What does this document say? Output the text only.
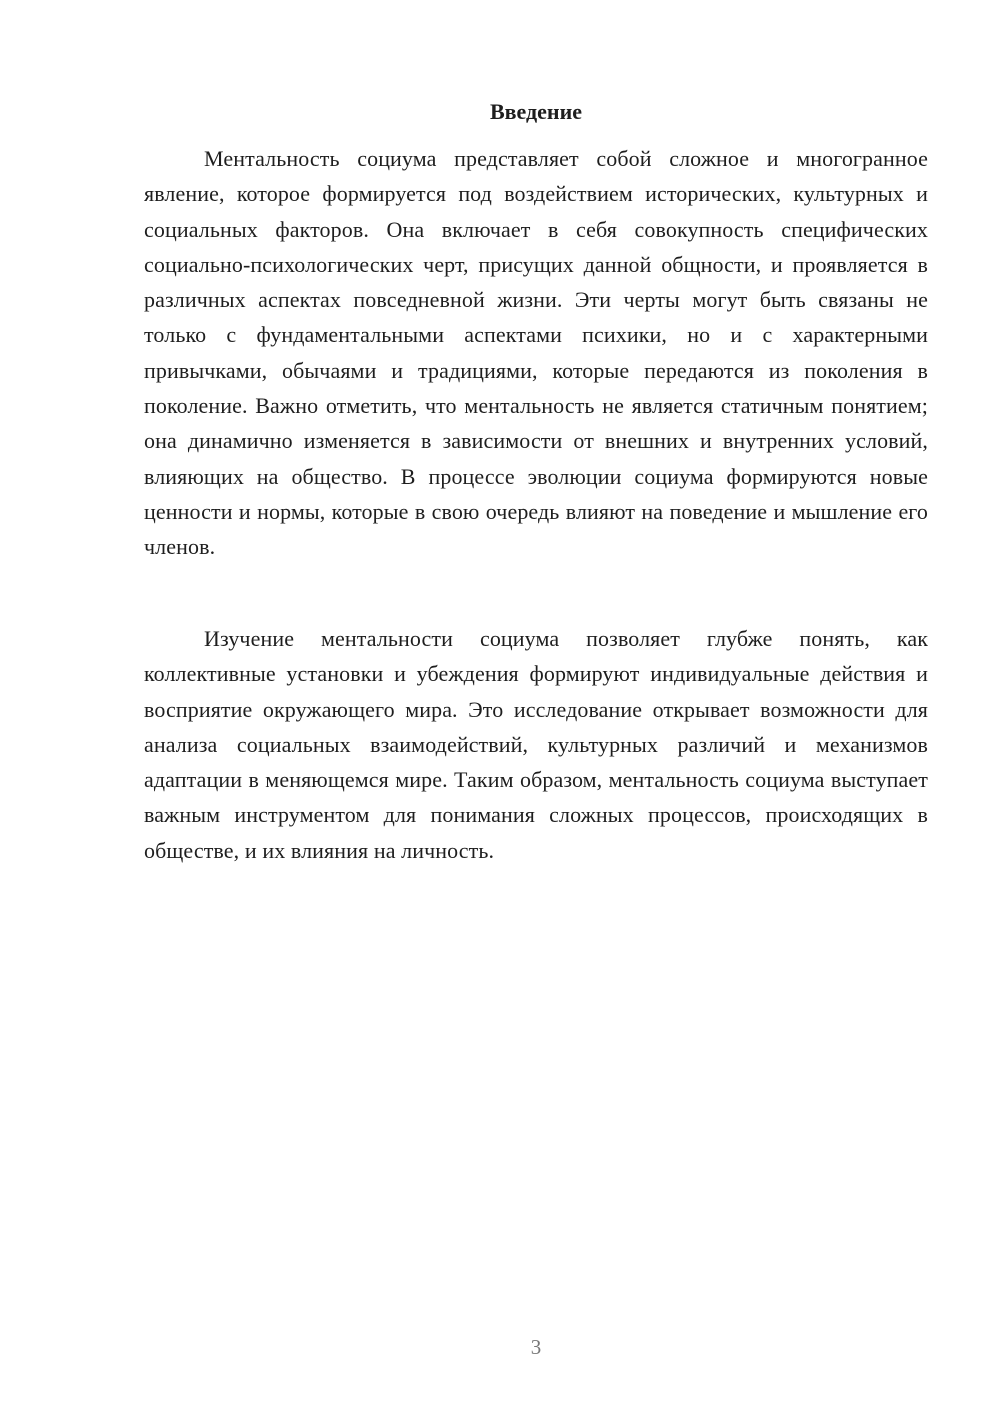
Введение

Ментальность социума представляет собой сложное и многогранное явление, которое формируется под воздействием исторических, культурных и социальных факторов. Она включает в себя совокупность специфических социально-психологических черт, присущих данной общности, и проявляется в различных аспектах повседневной жизни. Эти черты могут быть связаны не только с фундаментальными аспектами психики, но и с характерными привычками, обычаями и традициями, которые передаются из поколения в поколение. Важно отметить, что ментальность не является статичным понятием; она динамично изменяется в зависимости от внешних и внутренних условий, влияющих на общество. В процессе эволюции социума формируются новые ценности и нормы, которые в свою очередь влияют на поведение и мышление его членов.

Изучение ментальности социума позволяет глубже понять, как коллективные установки и убеждения формируют индивидуальные действия и восприятие окружающего мира. Это исследование открывает возможности для анализа социальных взаимодействий, культурных различий и механизмов адаптации в меняющемся мире. Таким образом, ментальность социума выступает важным инструментом для понимания сложных процессов, происходящих в обществе, и их влияния на личность.

3
